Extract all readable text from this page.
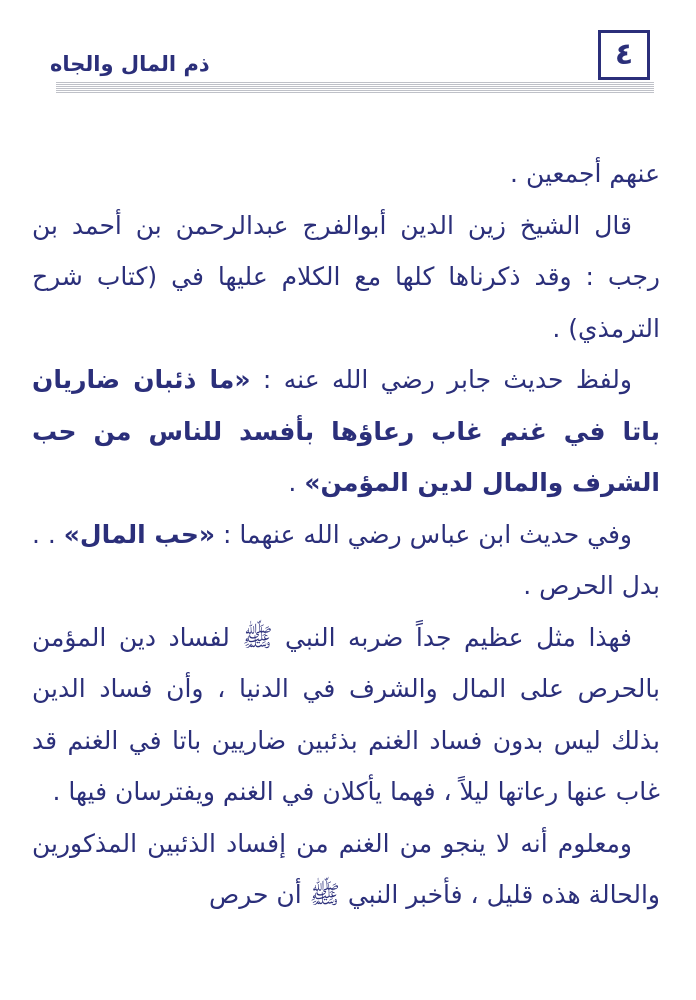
٤
ذم المال والجاه

عنهم أجمعين .

قال الشيخ زين الدين أبوالفرج عبدالرحمن بن أحمد بن رجب : وقد ذكرناها كلها مع الكلام عليها في (كتاب شرح الترمذي) .

ولفظ حديث جابر رضي الله عنه : «ما ذئبان ضاريان باتا في غنم غاب رعاؤها بأفسد للناس من حب الشرف والمال لدين المؤمن» .

وفي حديث ابن عباس رضي الله عنهما : «حب المال» . . بدل الحرص .

فهذا مثل عظيم جداً ضربه النبي ﷺ لفساد دين المؤمن بالحرص على المال والشرف في الدنيا ، وأن فساد الدين بذلك ليس بدون فساد الغنم بذئبين ضاريين باتا في الغنم قد غاب عنها رعاتها ليلاً ، فهما يأكلان في الغنم ويفترسان فيها .

ومعلوم أنه لا ينجو من الغنم من إفساد الذئبين المذكورين والحالة هذه قليل ، فأخبر النبي ﷺ أن حرص
